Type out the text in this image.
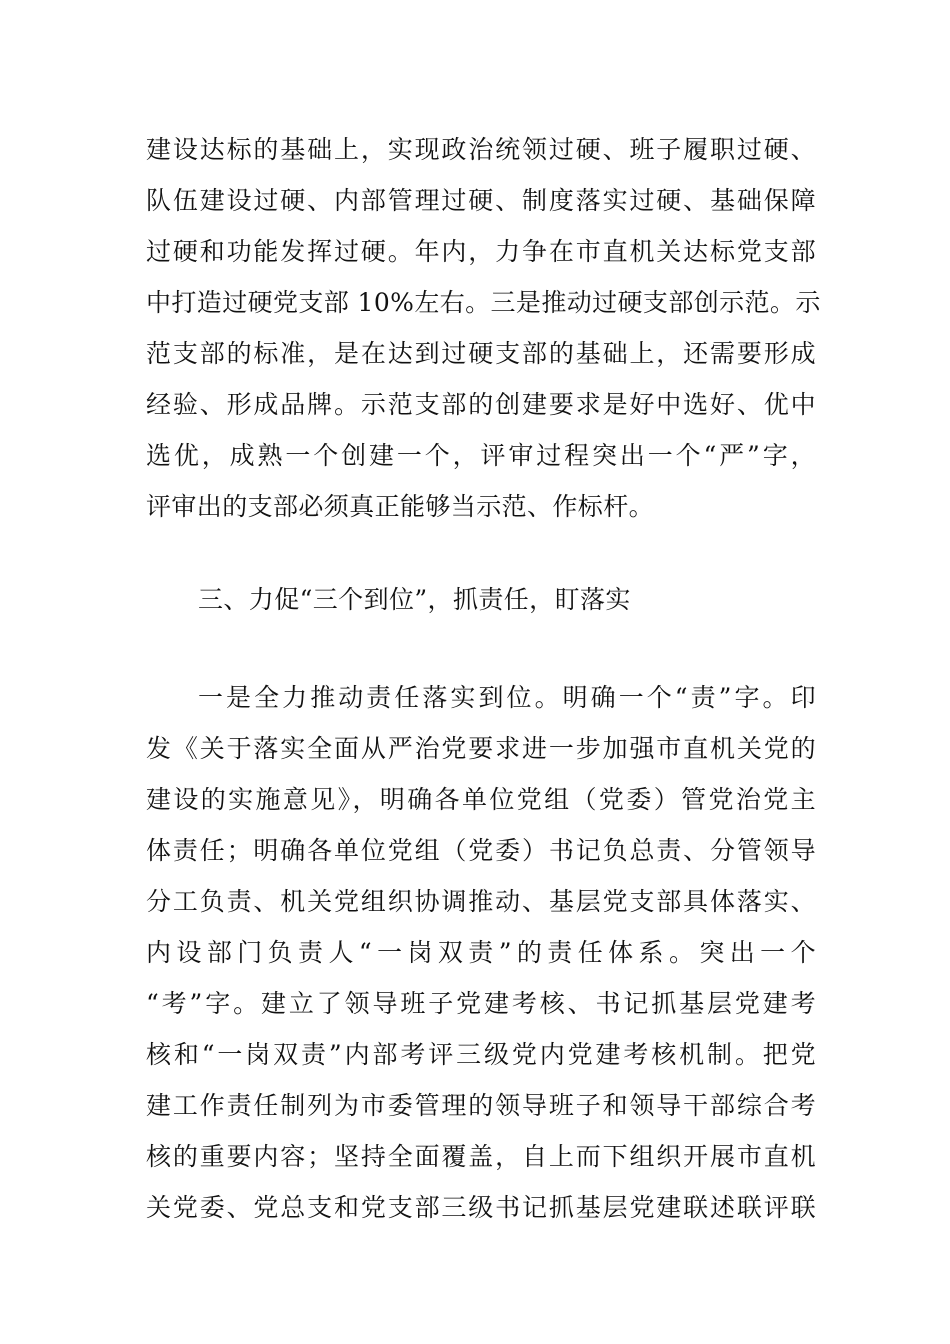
建设达标的基础上，实现政治统领过硬、班子履职过硬、
队伍建设过硬、内部管理过硬、制度落实过硬、基础保障
过硬和功能发挥过硬。年内，力争在市直机关达标党支部
中打造过硬党支部 10%左右。三是推动过硬支部创示范。示
范支部的标准，是在达到过硬支部的基础上，还需要形成
经验、形成品牌。示范支部的创建要求是好中选好、优中
选优，成熟一个创建一个，评审过程突出一个“严”字，
评审出的支部必须真正能够当示范、作标杆。
三、力促“三个到位”，抓责任，盯落实
一是全力推动责任落实到位。明确一个“责”字。印
发《关于落实全面从严治党要求进一步加强市直机关党的
建设的实施意见》，明确各单位党组（党委）管党治党主
体责任；明确各单位党组（党委）书记负总责、分管领导
分工负责、机关党组织协调推动、基层党支部具体落实、
内设部门负责人“一岗双责”的责任体系。突出一个
“考”字。建立了领导班子党建考核、书记抓基层党建考
核和“一岗双责”内部考评三级党内党建考核机制。把党
建工作责任制列为市委管理的领导班子和领导干部综合考
核的重要内容；坚持全面覆盖，自上而下组织开展市直机
关党委、党总支和党支部三级书记抓基层党建联述联评联
